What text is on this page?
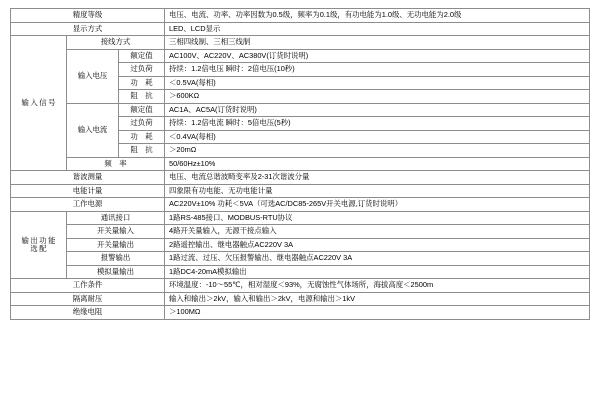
精度等级			电压、电流、功率、功率因数为0.5级，频率为0.1级，有功电能为1.0级、无功电能为2.0级
显示方式			LED、LCD显示
输入信号	接线方式		三相四线制、三相三线制
	输入电压	额定值	AC100V、AC220V、AC380V(订货时说明)
		过负荷	持续：1.2倍电压 瞬时：2倍电压(10秒)
		功　耗	＜0.5VA(每相)
		阻　抗	＞600KΩ
	输入电流	额定值	AC1A、AC5A(订货时说明)
		过负荷	持续：1.2倍电流 瞬时：5倍电压(5秒)
		功　耗	＜0.4VA(每相)
		阻　抗	＞20mΩ
	频　率		50/60Hz±10%
谐波测量			电压、电流总谐波畸变率及2-31次谐波分量
电能计量			四象限有功电能、无功电能计量
工作电源			AC220V±10% 功耗＜5VA（可选AC/DC85-265V开关电源,订货时说明）

输出功能
选配	通讯接口		1路RS-485接口、MODBUS-RTU协议
	开关量输入		4路开关量输入，无源干接点输入
	开关量输出		2路遥控输出、继电器触点AC220V 3A
	报警输出		1路过流、过压、欠压报警输出、继电器触点AC220V 3A
	模拟量输出		1路DC4-20mA模拟输出
工作条件			环境温度：-10～55℃，相对湿度＜93%，无腐蚀性气体场所，海拔高度＜2500m
隔离耐压			输入和输出＞2kV，输入和输出＞2kV，电源和输出＞1kV
绝缘电阻			＞100MΩ
